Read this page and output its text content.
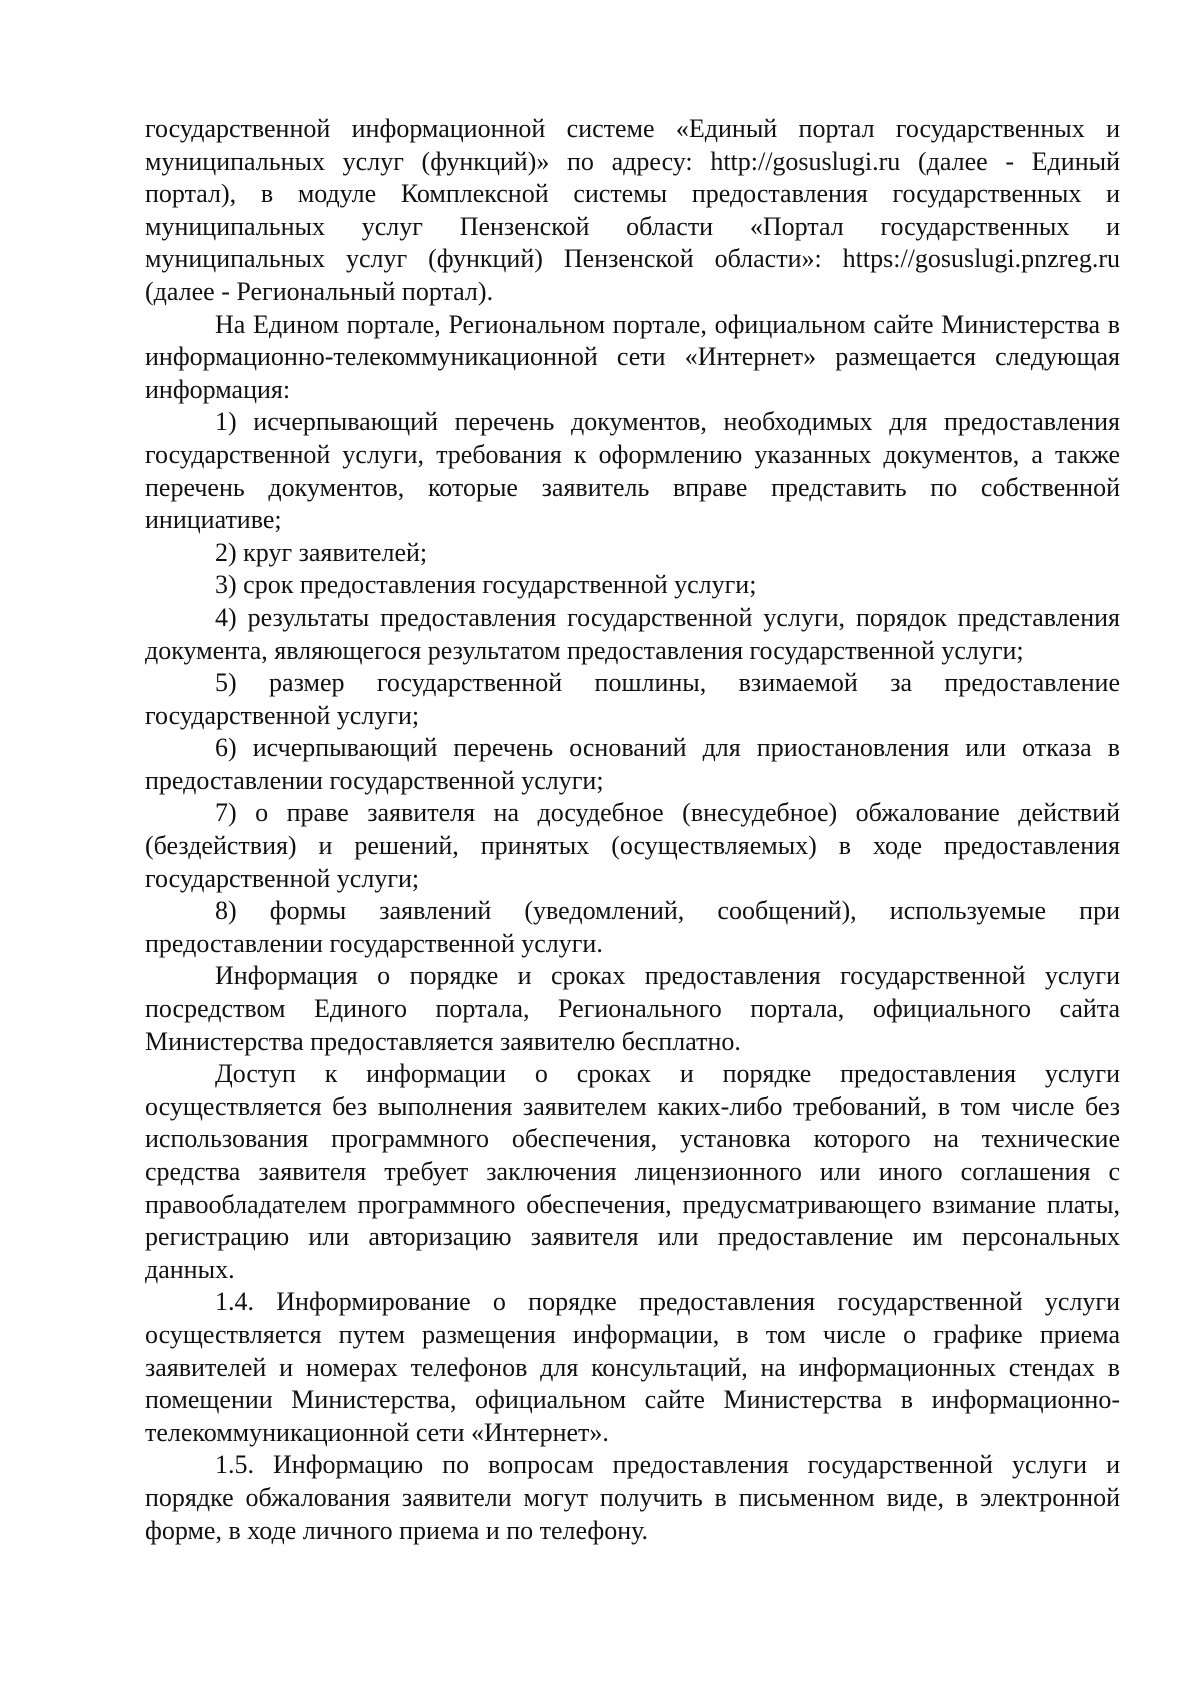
государственной информационной системе «Единый портал государственных и муниципальных услуг (функций)» по адресу: http://gosuslugi.ru (далее - Единый портал), в модуле Комплексной системы предоставления государственных и муниципальных услуг Пензенской области «Портал государственных и муниципальных услуг (функций) Пензенской области»: https://gosuslugi.pnzreg.ru (далее - Региональный портал).

На Едином портале, Региональном портале, официальном сайте Министерства в информационно-телекоммуникационной сети «Интернет» размещается следующая информация:

1) исчерпывающий перечень документов, необходимых для предоставления государственной услуги, требования к оформлению указанных документов, а также перечень документов, которые заявитель вправе представить по собственной инициативе;

2) круг заявителей;

3) срок предоставления государственной услуги;

4) результаты предоставления государственной услуги, порядок представления документа, являющегося результатом предоставления государственной услуги;

5) размер государственной пошлины, взимаемой за предоставление государственной услуги;

6) исчерпывающий перечень оснований для приостановления или отказа в предоставлении государственной услуги;

7) о праве заявителя на досудебное (внесудебное) обжалование действий (бездействия) и решений, принятых (осуществляемых) в ходе предоставления государственной услуги;

8) формы заявлений (уведомлений, сообщений), используемые при предоставлении государственной услуги.

Информация о порядке и сроках предоставления государственной услуги посредством Единого портала, Регионального портала, официального сайта Министерства предоставляется заявителю бесплатно.

Доступ к информации о сроках и порядке предоставления услуги осуществляется без выполнения заявителем каких-либо требований, в том числе без использования программного обеспечения, установка которого на технические средства заявителя требует заключения лицензионного или иного соглашения с правообладателем программного обеспечения, предусматривающего взимание платы, регистрацию или авторизацию заявителя или предоставление им персональных данных.

1.4. Информирование о порядке предоставления государственной услуги осуществляется путем размещения информации, в том числе о графике приема заявителей и номерах телефонов для консультаций, на информационных стендах в помещении Министерства, официальном сайте Министерства в информационно-телекоммуникационной сети «Интернет».

1.5. Информацию по вопросам предоставления государственной услуги и порядке обжалования заявители могут получить в письменном виде, в электронной форме, в ходе личного приема и по телефону.
